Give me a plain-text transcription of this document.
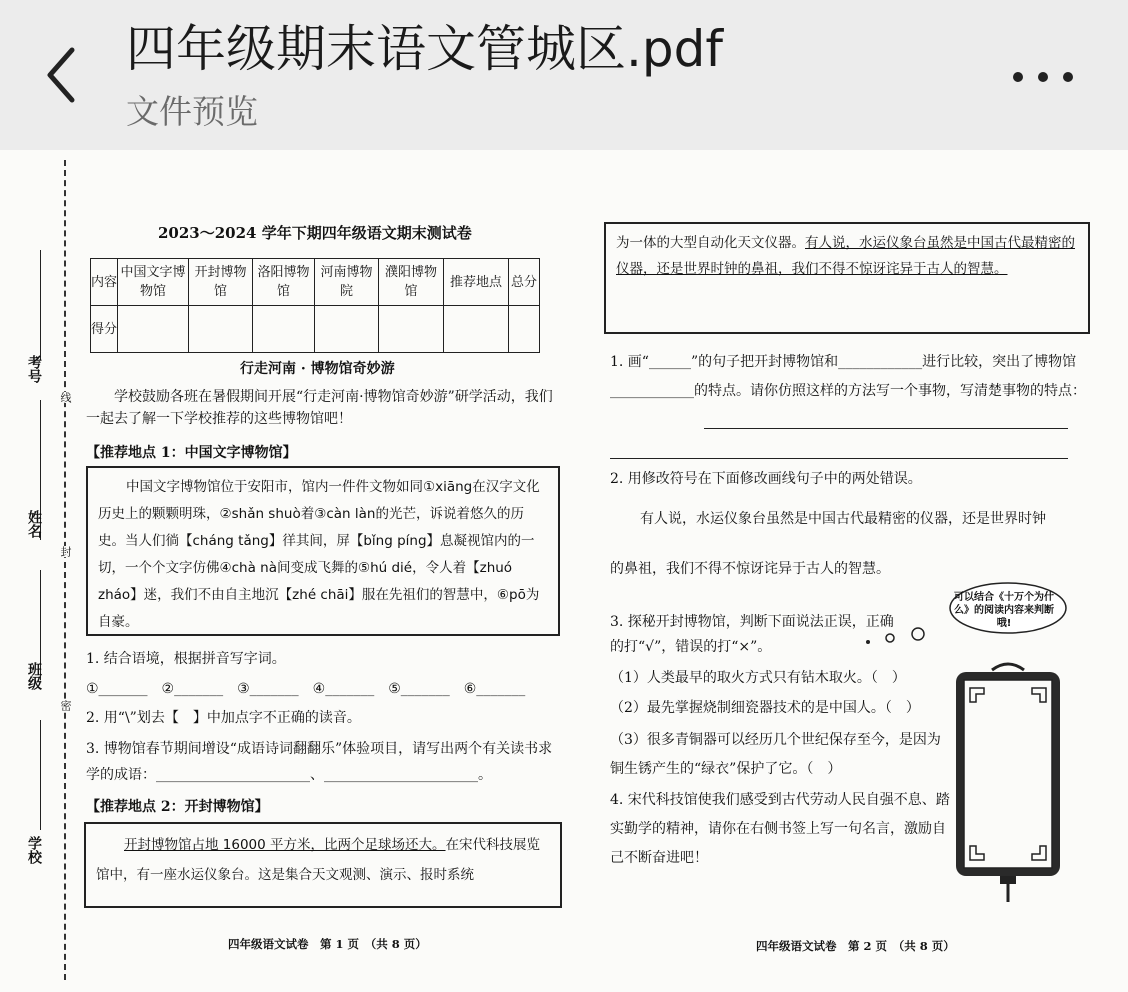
四年级期末语文管城区.pdf
文件预览
考号
姓名
班级
学校
线
封
密
2023～2024 学年下期四年级语文期末测试卷
内容	中国文字博物馆	开封博物馆	洛阳博物馆	河南博物院	濮阳博物馆	推荐地点	总分
得分							
行走河南 · 博物馆奇妙游
学校鼓励各班在暑假期间开展“行走河南·博物馆奇妙游”研学活动，我们一起去了解一下学校推荐的这些博物馆吧！
【推荐地点 1：中国文字博物馆】
中国文字博物馆位于安阳市，馆内一件件文物如同①xiāng在汉字文化历史上的颗颗明珠，②shǎn shuò着③càn làn的光芒，诉说着悠久的历史。当人们徜【cháng tǎng】徉其间，屏【bǐng píng】息凝视馆内的一切，一个个文字仿佛④chà nà间变成飞舞的⑤hú dié，令人着【zhuó zháo】迷，我们不由自主地沉【zhé chāi】服在先祖们的智慧中，⑥pō为自豪。
1. 结合语境，根据拼音写字词。
①_______　②_______　③_______　④_______　⑤_______　⑥_______
2. 用“\”划去【　】中加点字不正确的读音。
3. 博物馆春节期间增设“成语诗词翻翻乐”体验项目，请写出两个有关读书求学的成语：______________________、______________________。
【推荐地点 2：开封博物馆】
开封博物馆占地 16000 平方米，比两个足球场还大。在宋代科技展览馆中，有一座水运仪象台。这是集合天文观测、演示、报时系统
四年级语文试卷　第 1 页　（共 8 页）
为一体的大型自动化天文仪器。有人说，水运仪象台虽然是中国古代最精密的仪器，还是世界时钟的鼻祖，我们不得不惊讶诧异于古人的智慧。
1. 画“______”的句子把开封博物馆和____________进行比较，突出了博物馆 ____________的特点。请你仿照这样的方法写一个事物，写清楚事物的特点：
2. 用修改符号在下面修改画线句子中的两处错误。
有人说，水运仪象台虽然是中国古代最精密的仪器，还是世界时钟
的鼻祖，我们不得不惊讶诧异于古人的智慧。
3. 探秘开封博物馆，判断下面说法正误，正确的打“√”，错误的打“×”。
（1）人类最早的取火方式只有钻木取火。（　）
（2）最先掌握烧制细瓷器技术的是中国人。（　）
（3）很多青铜器可以经历几个世纪保存至今，是因为铜生锈产生的“绿衣”保护了它。（　）
4. 宋代科技馆使我们感受到古代劳动人民自强不息、踏实勤学的精神，请你在右侧书签上写一句名言，激励自己不断奋进吧！
四年级语文试卷　第 2 页　（共 8 页）
可以结合《十万个为什么》的阅读内容来判断哦!
